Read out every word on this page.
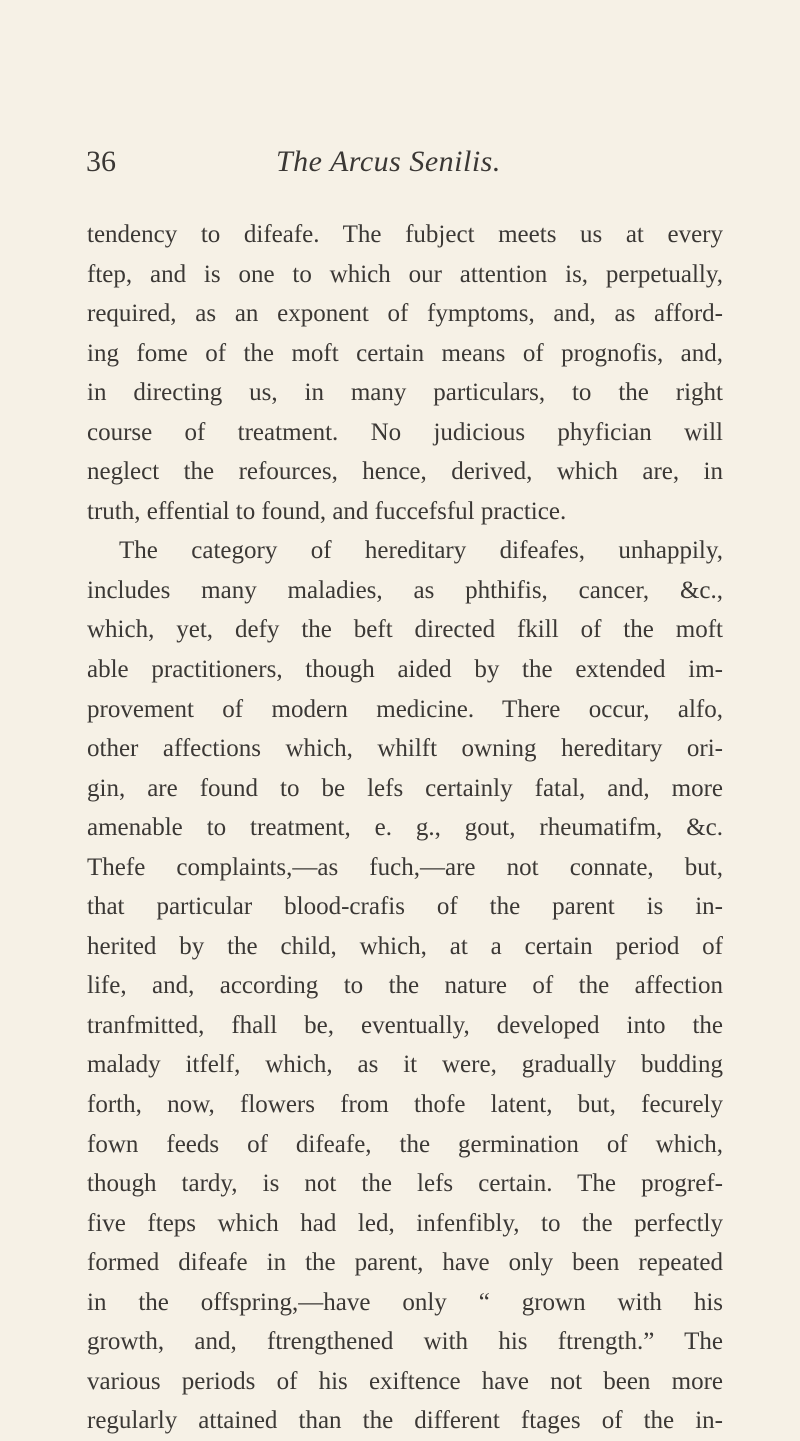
36	The Arcus Senilis.
tendency to difeafe. The fubject meets us at every
ftep, and is one to which our attention is, perpetually,
required, as an exponent of fymptoms, and, as afford-
ing fome of the moft certain means of prognofis, and,
in directing us, in many particulars, to the right
course of treatment. No judicious phyfician will
neglect the refources, hence, derived, which are, in
truth, effential to found, and fuccefsful practice.
The category of hereditary difeafes, unhappily,
includes many maladies, as phthifis, cancer, &c.,
which, yet, defy the beft directed fkill of the moft
able practitioners, though aided by the extended im-
provement of modern medicine. There occur, alfo,
other affections which, whilft owning hereditary ori-
gin, are found to be lefs certainly fatal, and, more
amenable to treatment, e. g., gout, rheumatifm, &c.
Thefe complaints,—as fuch,—are not connate, but,
that particular blood-crafis of the parent is in-
herited by the child, which, at a certain period of
life, and, according to the nature of the affection
tranfmitted, fhall be, eventually, developed into the
malady itfelf, which, as it were, gradually budding
forth, now, flowers from thofe latent, but, fecurely
fown feeds of difeafe, the germination of which,
though tardy, is not the lefs certain. The progref-
five fteps which had led, infenfibly, to the perfectly
formed difeafe in the parent, have only been repeated
in the offspring,—have only “ grown with his
growth, and, ftrengthened with his ftrength.” The
various periods of his exiftence have not been more
regularly attained than the different ftages of the in-
